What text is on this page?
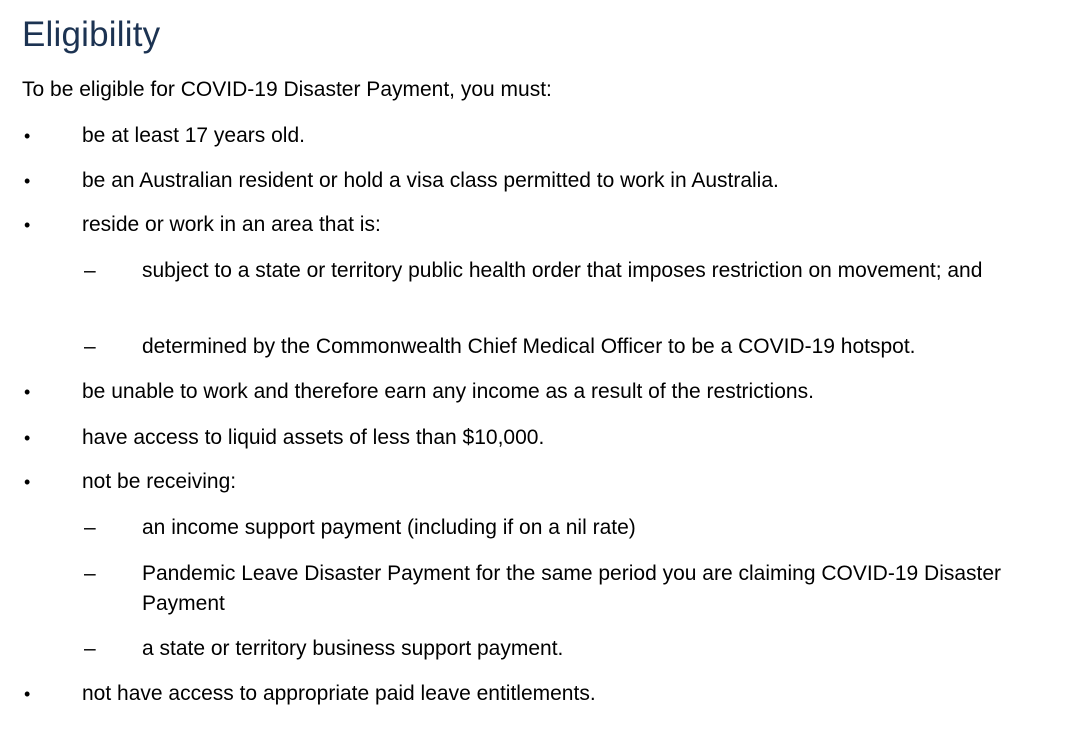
Eligibility
To be eligible for COVID-19 Disaster Payment, you must:
•	be at least 17 years old.
•	be an Australian resident or hold a visa class permitted to work in Australia.
•	reside or work in an area that is:
–	subject to a state or territory public health order that imposes restriction on movement; and
–	determined by the Commonwealth Chief Medical Officer to be a COVID-19 hotspot.
•	be unable to work and therefore earn any income as a result of the restrictions.
•	have access to liquid assets of less than $10,000.
•	not be receiving:
–	an income support payment (including if on a nil rate)
–	Pandemic Leave Disaster Payment for the same period you are claiming COVID-19 Disaster Payment
–	a state or territory business support payment.
•	not have access to appropriate paid leave entitlements.
